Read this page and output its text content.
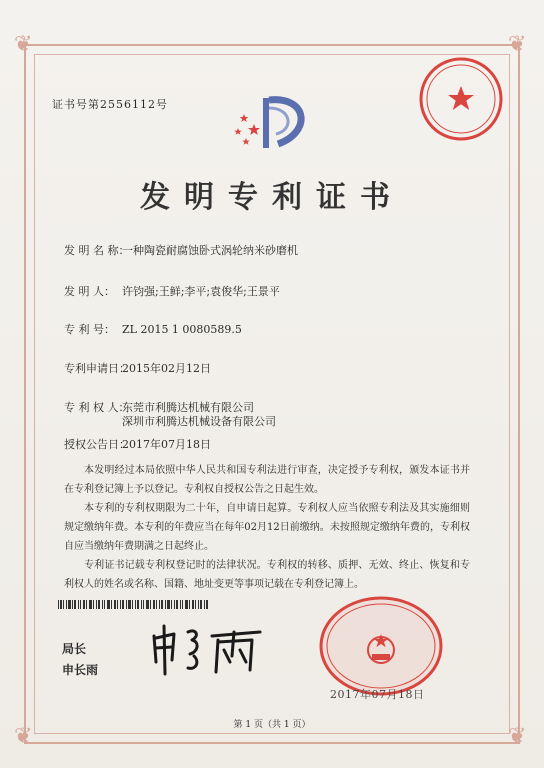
❦	❦
❦	❦
证书号第2556112号
发明专利证书
发 明 名 称：一种陶瓷耐腐蚀卧式涡轮纳米砂磨机
发 明 人： 许钧强;王鲜;李平;袁俊华;王景平
专 利 号： ZL 2015 1 0080589.5
专利申请日：2015年02月12日
专 利 权 人：东莞市利腾达机械有限公司
深圳市利腾达机械设备有限公司
授权公告日：2017年07月18日

本发明经过本局依照中华人民共和国专利法进行审查，决定授予专利权，颁发本证书并在专利登记簿上予以登记。专利权自授权公告之日起生效。

本专利的专利权期限为二十年，自申请日起算。专利权人应当依照专利法及其实施细则规定缴纳年费。本专利的年费应当在每年02月12日前缴纳。未按照规定缴纳年费的，专利权自应当缴纳年费期满之日起终止。

专利证书记载专利权登记时的法律状况。专利权的转移、质押、无效、终止、恢复和专利权人的姓名或名称、国籍、地址变更等事项记载在专利登记簿上。

局长
申长雨
2017年07月18日
第 1 页（共 1 页）
